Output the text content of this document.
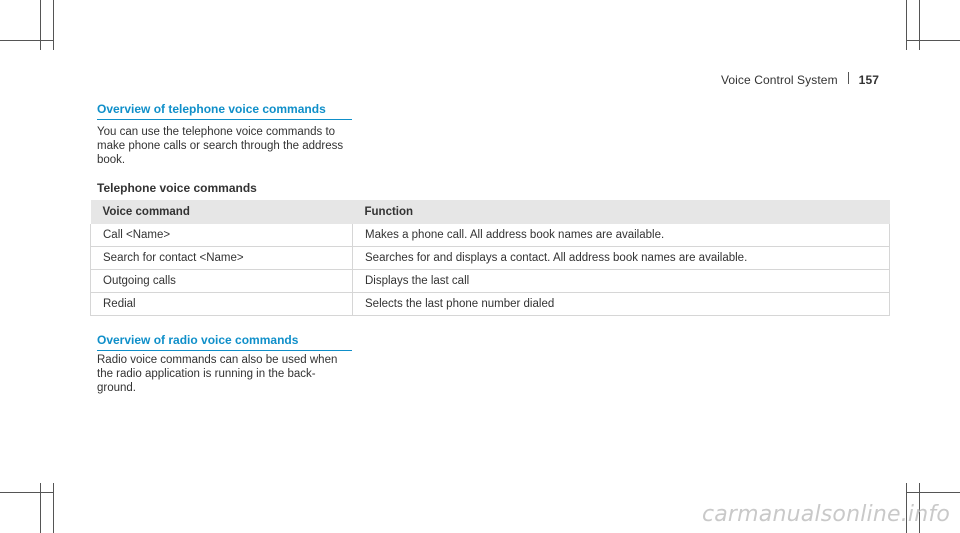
Voice Control System 157
Overview of telephone voice commands
You can use the telephone voice commands to make phone calls or search through the address book.
Telephone voice commands
Voice command	Function
Call <Name>	Makes a phone call. All address book names are available.
Search for contact <Name>	Searches for and displays a contact. All address book names are available.
Outgoing calls	Displays the last call
Redial	Selects the last phone number dialed
Overview of radio voice commands
Radio voice commands can also be used when the radio application is running in the back-ground.
carmanualsonline.info
